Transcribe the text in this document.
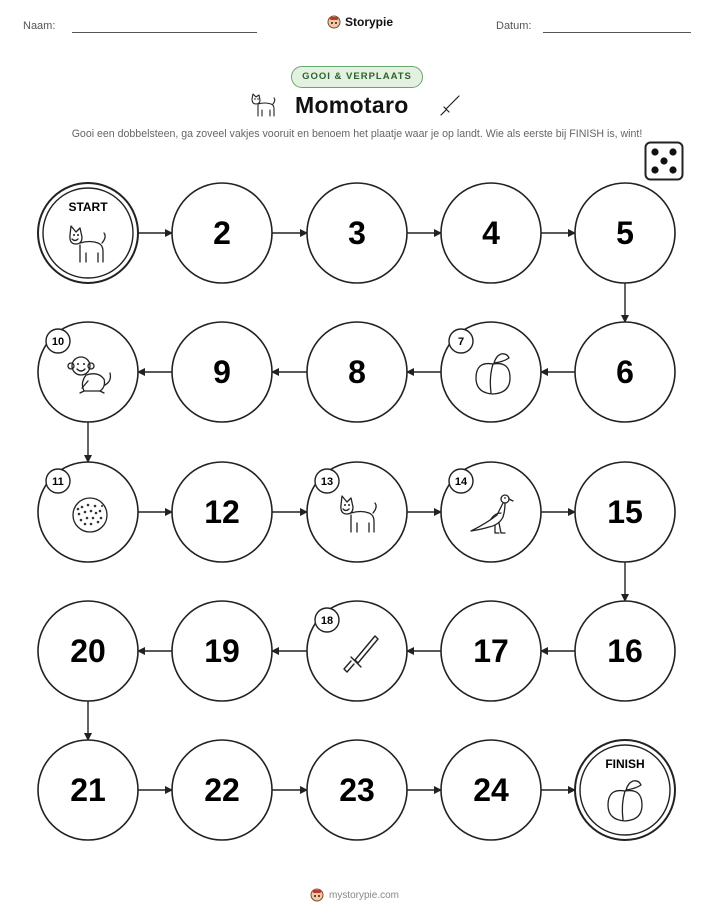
Naam:	Storypie	Datum:
GOOI & VERPLAATS
Momotaro
Gooi een dobbelsteen, ga zoveel vakjes vooruit en benoem het plaatje waar je op landt. Wie als eerste bij FINISH is, wint!
START
2	3	4	5
6
7
8
9
10
11
12
13	14
15
16
17
18
19
20
21	22	23	24
FINISH
mystorypie.com
